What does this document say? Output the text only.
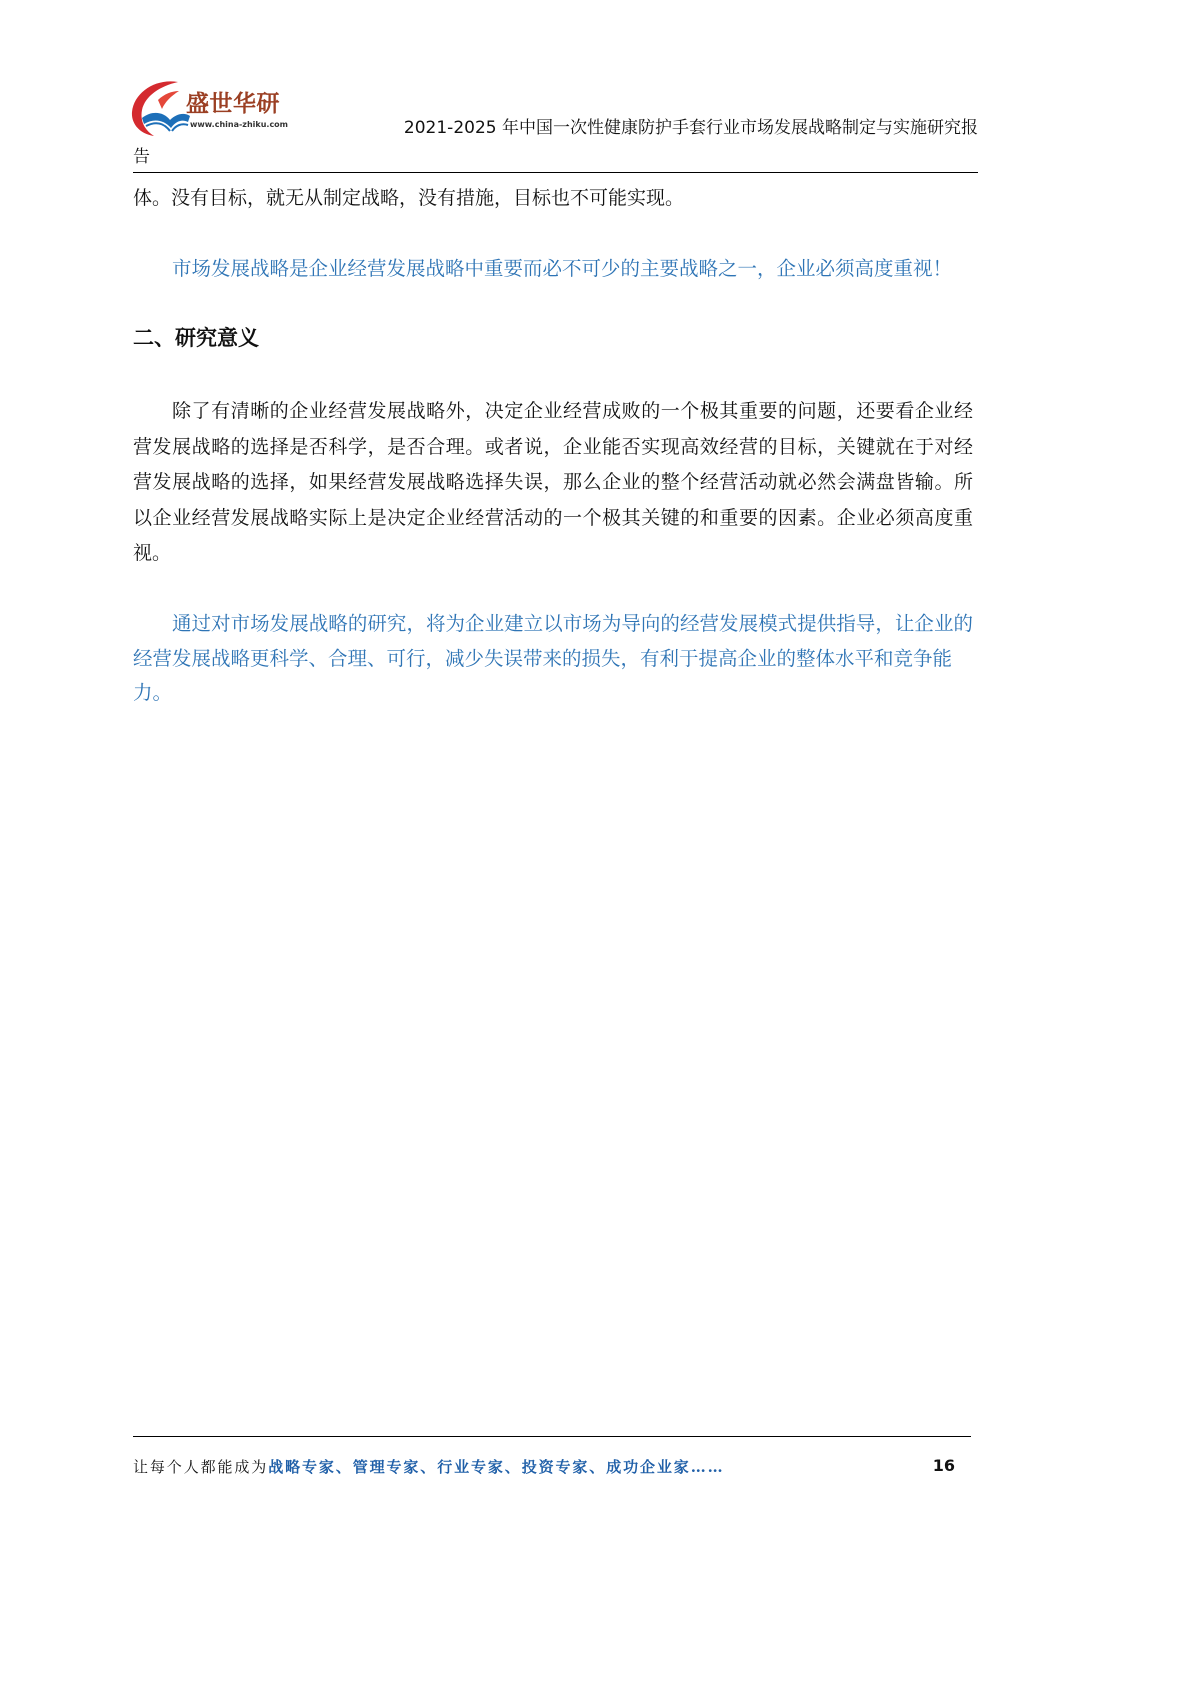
盛世华研
www.china-zhiku.com	2021-2025 年中国一次性健康防护手套行业市场发展战略制定与实施研究报
告
体。没有目标，就无从制定战略，没有措施，目标也不可能实现。
市场发展战略是企业经营发展战略中重要而必不可少的主要战略之一，企业必须高度重视！
二、研究意义
除了有清晰的企业经营发展战略外，决定企业经营成败的一个极其重要的问题，还要看企业经
营发展战略的选择是否科学，是否合理。或者说，企业能否实现高效经营的目标，关键就在于对经
营发展战略的选择，如果经营发展战略选择失误，那么企业的整个经营活动就必然会满盘皆输。所
以企业经营发展战略实际上是决定企业经营活动的一个极其关键的和重要的因素。企业必须高度重
视。
通过对市场发展战略的研究，将为企业建立以市场为导向的经营发展模式提供指导，让企业的
经营发展战略更科学、合理、可行，减少失误带来的损失，有利于提高企业的整体水平和竞争能
力。
让每个人都能成为战略专家、管理专家、行业专家、投资专家、成功企业家……	16
